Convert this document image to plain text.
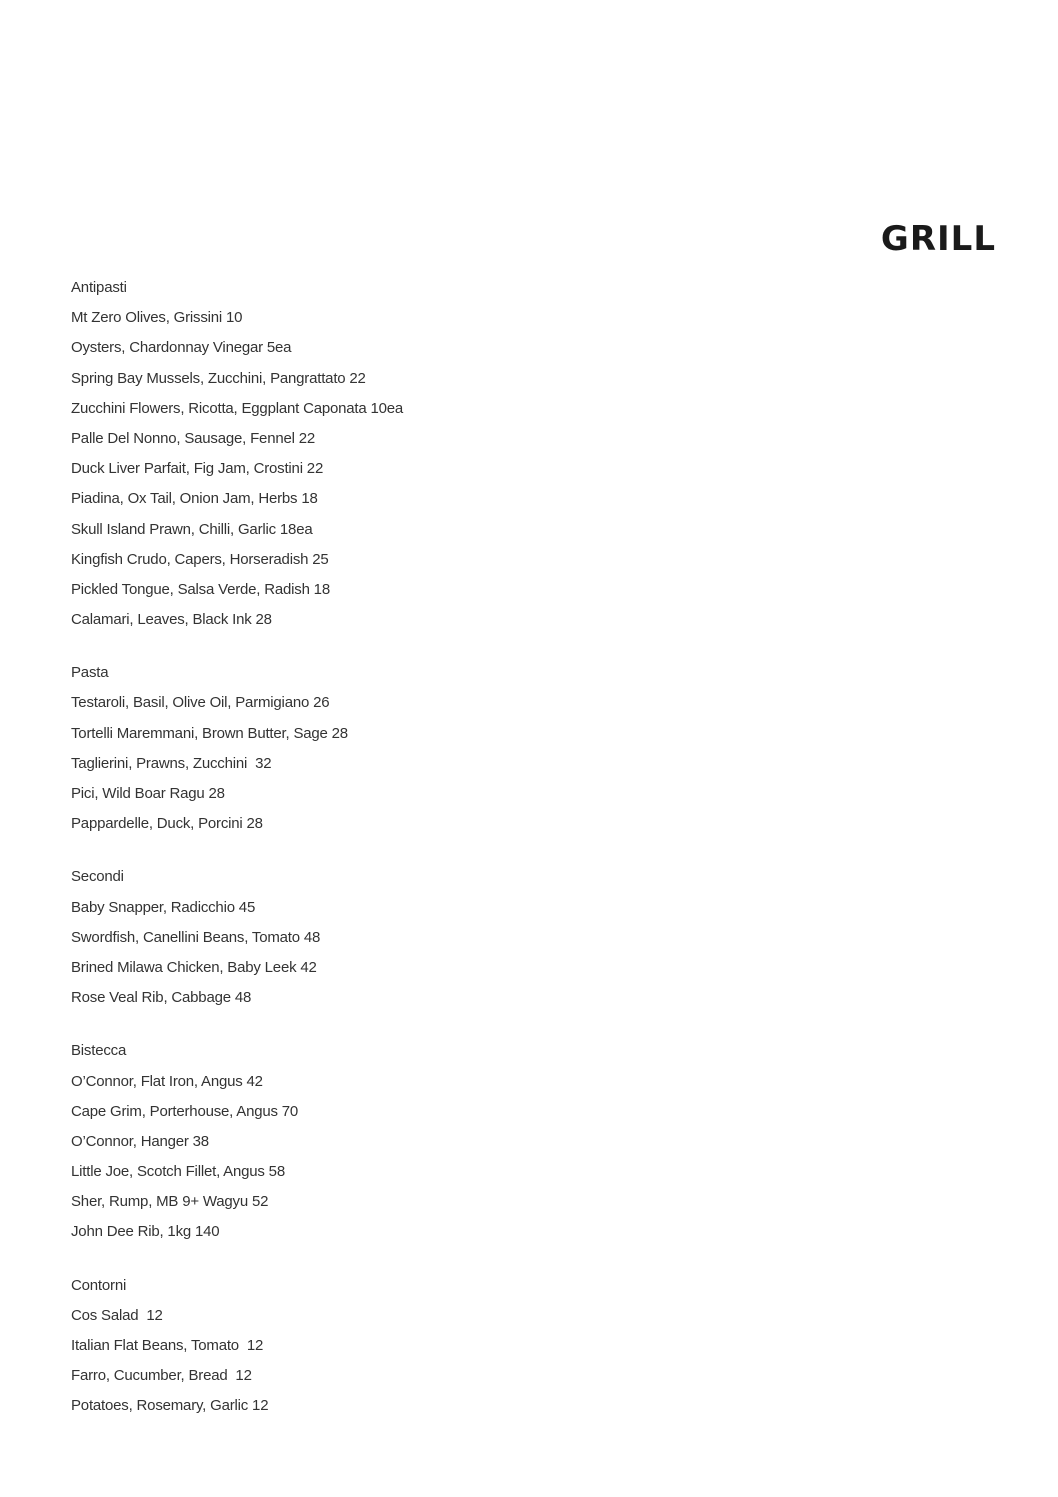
GRILL
Antipasti
Mt Zero Olives, Grissini 10
Oysters, Chardonnay Vinegar 5ea
Spring Bay Mussels, Zucchini, Pangrattato 22
Zucchini Flowers, Ricotta, Eggplant Caponata 10ea
Palle Del Nonno, Sausage, Fennel 22
Duck Liver Parfait, Fig Jam, Crostini 22
Piadina, Ox Tail, Onion Jam, Herbs 18
Skull Island Prawn, Chilli, Garlic 18ea
Kingfish Crudo, Capers, Horseradish 25
Pickled Tongue, Salsa Verde, Radish 18
Calamari, Leaves, Black Ink 28
Pasta
Testaroli, Basil, Olive Oil, Parmigiano 26
Tortelli Maremmani, Brown Butter, Sage 28
Taglierini, Prawns, Zucchini  32
Pici, Wild Boar Ragu 28
Pappardelle, Duck, Porcini 28
Secondi
Baby Snapper, Radicchio 45
Swordfish, Canellini Beans, Tomato 48
Brined Milawa Chicken, Baby Leek 42
Rose Veal Rib, Cabbage 48
Bistecca
O’Connor, Flat Iron, Angus 42
Cape Grim, Porterhouse, Angus 70
O’Connor, Hanger 38
Little Joe, Scotch Fillet, Angus 58
Sher, Rump, MB 9+ Wagyu 52
John Dee Rib, 1kg 140
Contorni
Cos Salad  12
Italian Flat Beans, Tomato  12
Farro, Cucumber, Bread  12
Potatoes, Rosemary, Garlic 12
